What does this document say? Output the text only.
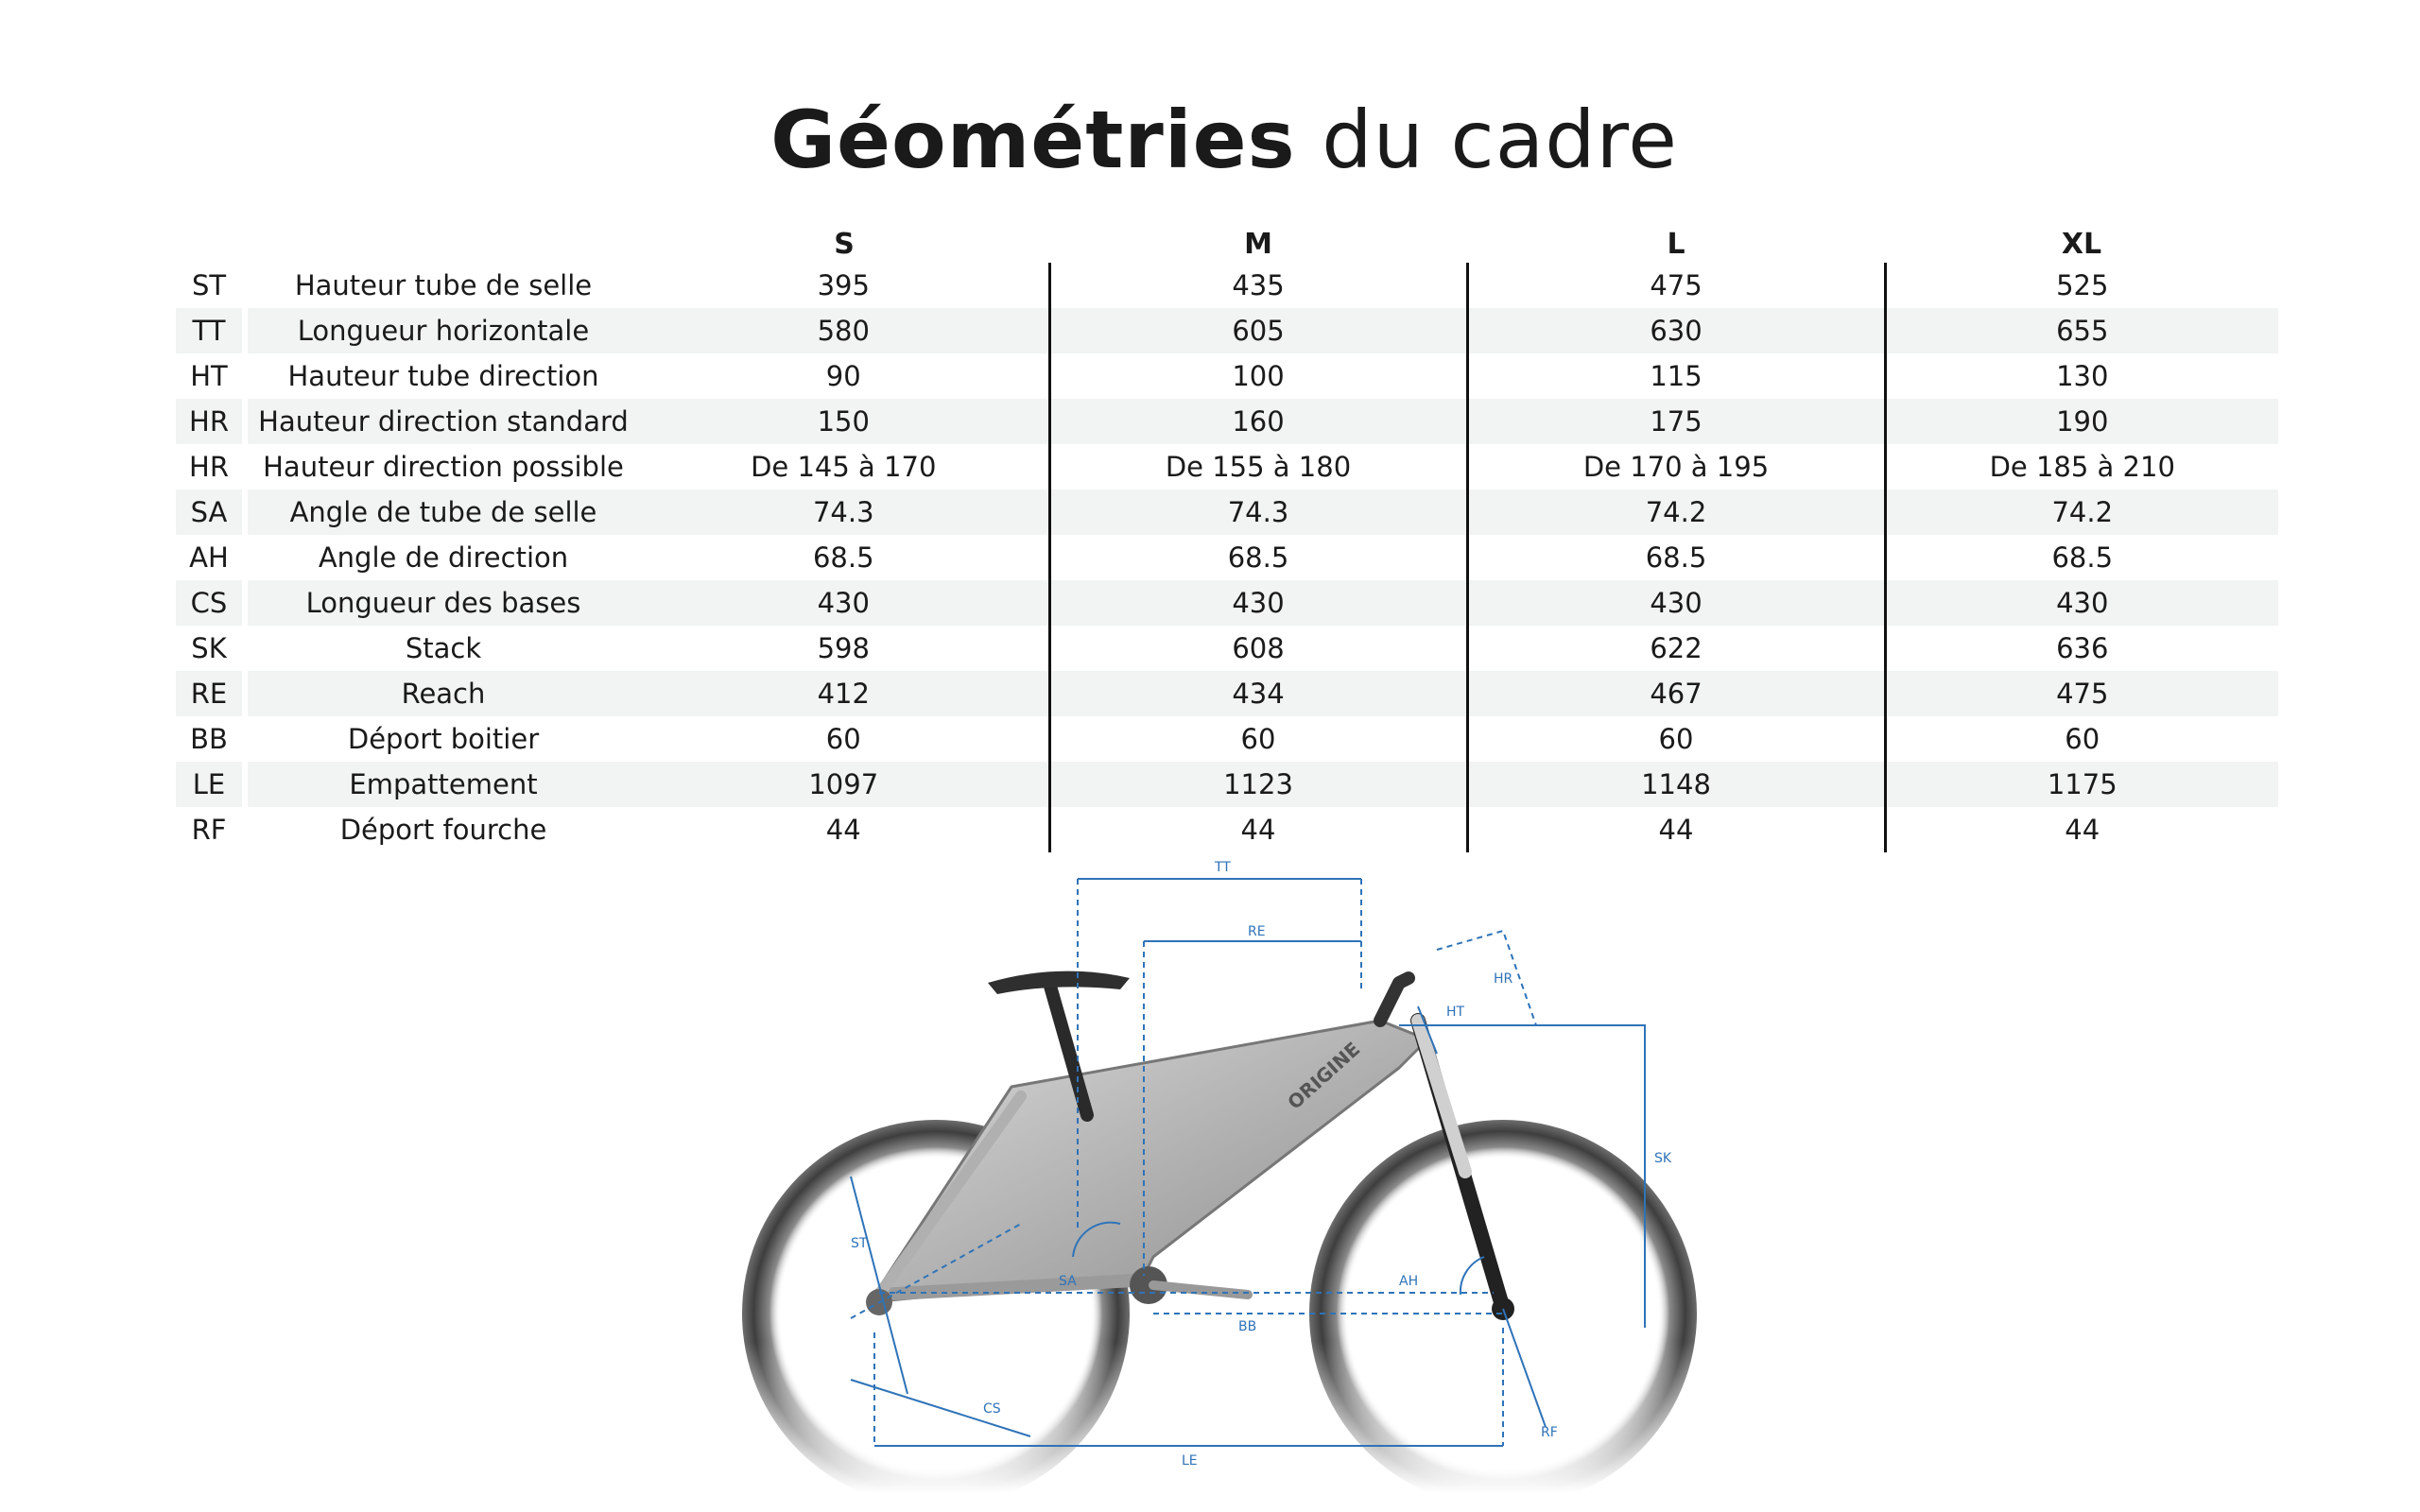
Géométries du cadre
			S	M	L	XL
ST		Hauteur tube de selle	395	435	475	525
TT		Longueur horizontale	580	605	630	655
HT		Hauteur tube direction	90	100	115	130
HR		Hauteur direction standard	150	160	175	190
HR		Hauteur direction possible	De 145 à 170	De 155 à 180	De 170 à 195	De 185 à 210
SA		Angle de tube de selle	74.3	74.3	74.2	74.2
AH		Angle de direction	68.5	68.5	68.5	68.5
CS		Longueur des bases	430	430	430	430
SK		Stack	598	608	622	636
RE		Reach	412	434	467	475
BB		Déport boitier	60	60	60	60
LE		Empattement	1097	1123	1148	1175
RF		Déport fourche	44	44	44	44
ORIGINE
TT
RE
HR
HT
SK
ST
SA	AH
BB
CS
LE
RF
